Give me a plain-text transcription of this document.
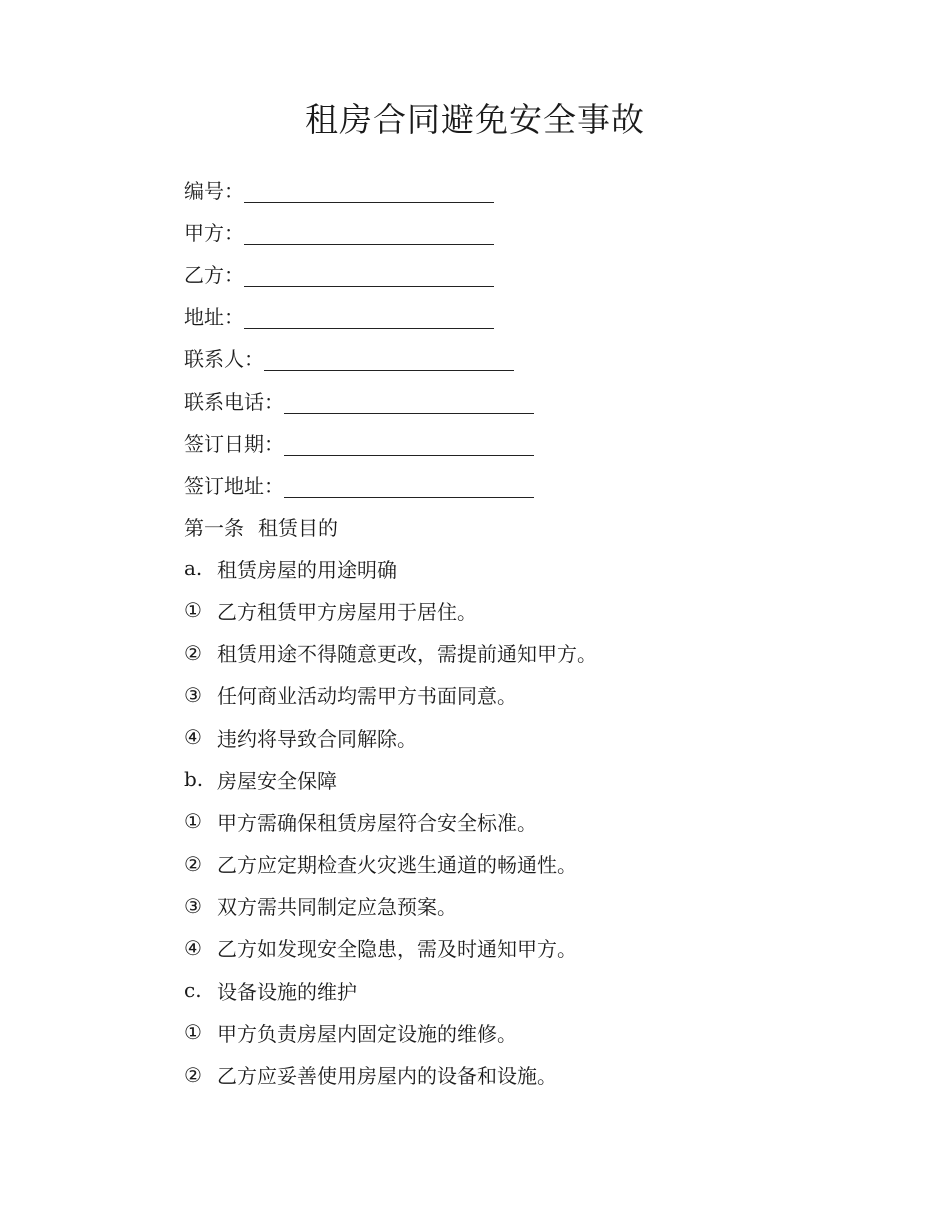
租房合同避免安全事故
编号：
甲方：
乙方：
地址：
联系人：
联系电话：
签订日期：
签订地址：
第一条 租赁目的
a. 租赁房屋的用途明确
① 乙方租赁甲方房屋用于居住。
② 租赁用途不得随意更改，需提前通知甲方。
③ 任何商业活动均需甲方书面同意。
④ 违约将导致合同解除。
b. 房屋安全保障
① 甲方需确保租赁房屋符合安全标准。
② 乙方应定期检查火灾逃生通道的畅通性。
③ 双方需共同制定应急预案。
④ 乙方如发现安全隐患，需及时通知甲方。
c. 设备设施的维护
① 甲方负责房屋内固定设施的维修。
② 乙方应妥善使用房屋内的设备和设施。
